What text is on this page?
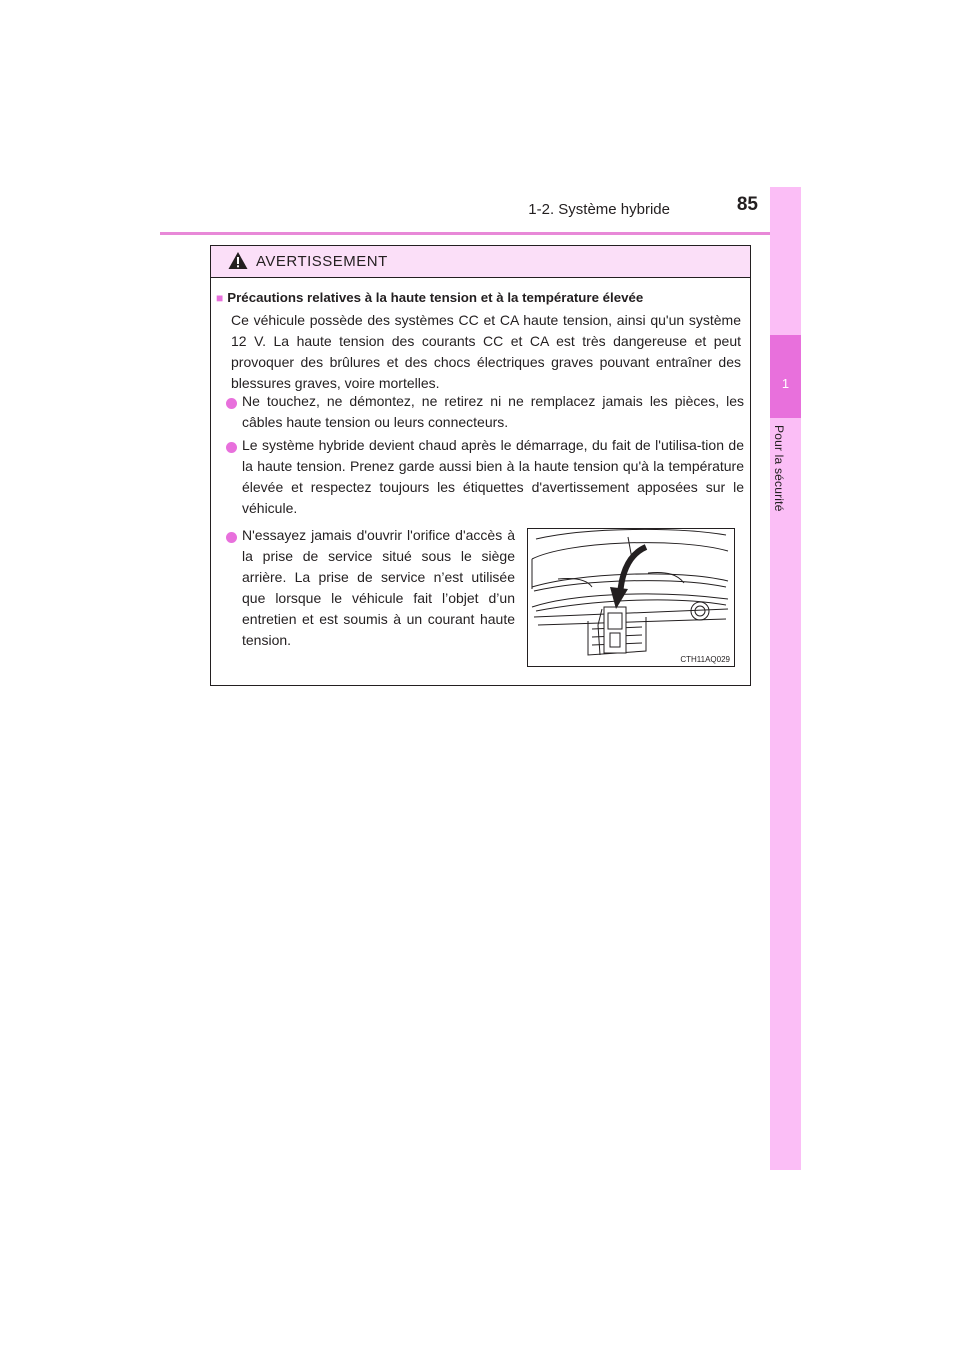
1-2. Système hybride	85
1
Pour la sécurité
AVERTISSEMENT
■ Précautions relatives à la haute tension et à la température élevée
Ce véhicule possède des systèmes CC et CA haute tension, ainsi qu'un système 12 V. La haute tension des courants CC et CA est très dangereuse et peut provoquer des brûlures et des chocs électriques graves pouvant entraîner des blessures graves, voire mortelles.
Ne touchez, ne démontez, ne retirez ni ne remplacez jamais les pièces, les câbles haute tension ou leurs connecteurs.
Le système hybride devient chaud après le démarrage, du fait de l'utilisa-tion de la haute tension. Prenez garde aussi bien à la haute tension qu'à la température élevée et respectez toujours les étiquettes d'avertissement apposées sur le véhicule.
N'essayez jamais d'ouvrir l'orifice d'accès à la prise de service situé sous le siège arrière. La prise de service n’est utilisée que lorsque le véhicule fait l’objet d’un entretien et est soumis à un courant haute tension.
CTH11AQ029
